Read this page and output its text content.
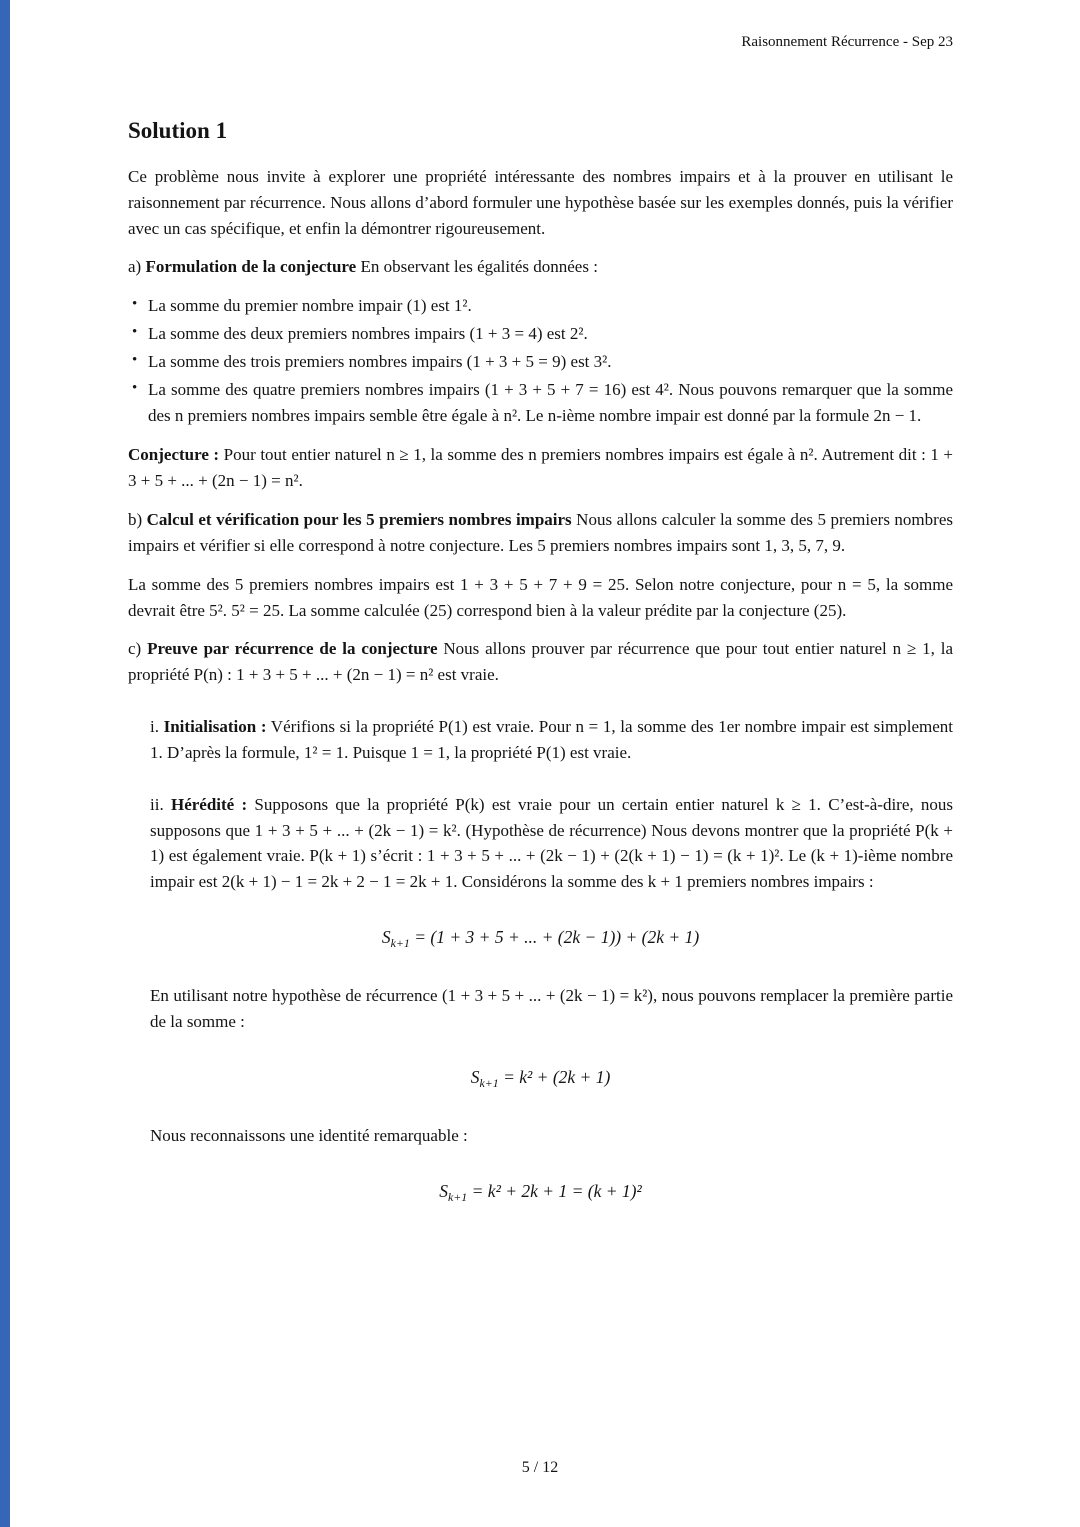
Raisonnement Récurrence - Sep 23
Solution 1

Ce problème nous invite à explorer une propriété intéressante des nombres impairs et à la prouver en utilisant le raisonnement par récurrence. Nous allons d’abord formuler une hypothèse basée sur les exemples donnés, puis la vérifier avec un cas spécifique, et enfin la démontrer rigoureusement.

a) Formulation de la conjecture En observant les égalités données :

• La somme du premier nombre impair (1) est 1².
• La somme des deux premiers nombres impairs (1 + 3 = 4) est 2².
• La somme des trois premiers nombres impairs (1 + 3 + 5 = 9) est 3².
• La somme des quatre premiers nombres impairs (1 + 3 + 5 + 7 = 16) est 4². Nous pouvons remarquer que la somme des n premiers nombres impairs semble être égale à n². Le n-ième nombre impair est donné par la formule 2n − 1.

Conjecture : Pour tout entier naturel n ≥ 1, la somme des n premiers nombres impairs est égale à n². Autrement dit : 1 + 3 + 5 + ... + (2n − 1) = n².

b) Calcul et vérification pour les 5 premiers nombres impairs Nous allons calculer la somme des 5 premiers nombres impairs et vérifier si elle correspond à notre conjecture. Les 5 premiers nombres impairs sont 1, 3, 5, 7, 9.

La somme des 5 premiers nombres impairs est 1 + 3 + 5 + 7 + 9 = 25. Selon notre conjecture, pour n = 5, la somme devrait être 5². 5² = 25. La somme calculée (25) correspond bien à la valeur prédite par la conjecture (25).

c) Preuve par récurrence de la conjecture Nous allons prouver par récurrence que pour tout entier naturel n ≥ 1, la propriété P(n) : 1 + 3 + 5 + ... + (2n − 1) = n² est vraie.

i. Initialisation : Vérifions si la propriété P(1) est vraie. Pour n = 1, la somme des 1er nombre impair est simplement 1. D’après la formule, 1² = 1. Puisque 1 = 1, la propriété P(1) est vraie.
ii. Hérédité : Supposons que la propriété P(k) est vraie pour un certain entier naturel k ≥ 1. C’est-à-dire, nous supposons que 1 + 3 + 5 + ... + (2k − 1) = k². (Hypothèse de récurrence) Nous devons montrer que la propriété P(k + 1) est également vraie. P(k + 1) s’écrit : 1 + 3 + 5 + ... + (2k − 1) + (2(k + 1) − 1) = (k + 1)². Le (k + 1)-ième nombre impair est 2(k + 1) − 1 = 2k + 2 − 1 = 2k + 1. Considérons la somme des k + 1 premiers nombres impairs :
$S_{k+1} = (1 + 3 + 5$ + ... + (2k − 1)) + (2k + 1)

En utilisant notre hypothèse de récurrence (1 + 3 + 5 + ... + (2k − 1) = k²), nous pouvons remplacer la première partie de la somme :

$S_{k+1} = k^2 + (2k + 1)$

Nous reconnaissons une identité remarquable :

$S_{k+1} = k^2 + 2k + 1 = (k + 1)^2$
5 / 12
